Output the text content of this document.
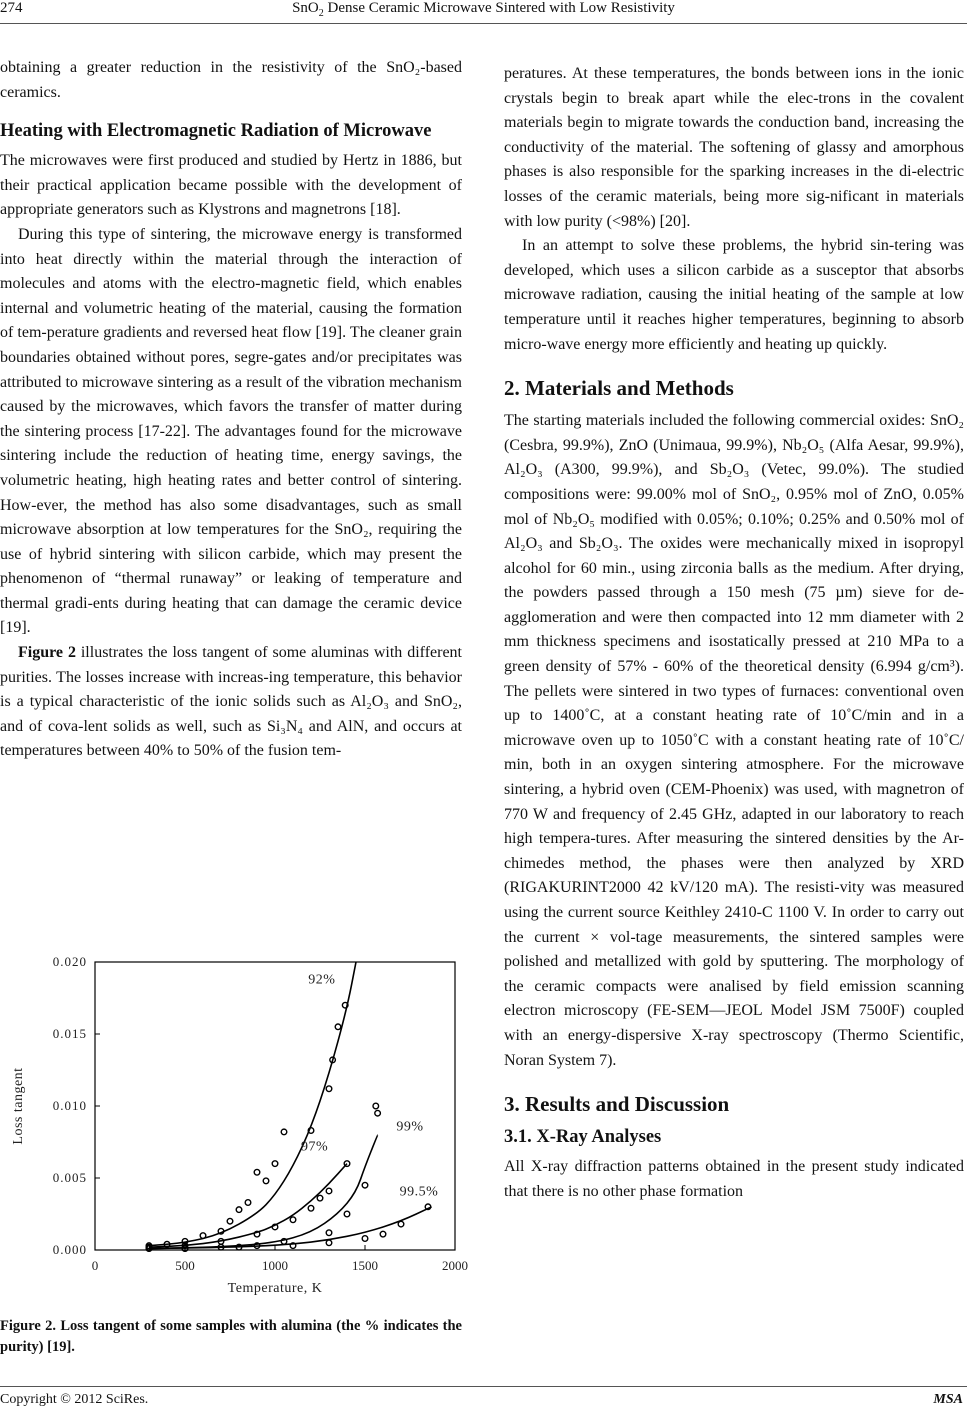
274	SnO$_2$ Dense Ceramic Microwave Sintered with Low Resistivity

obtaining a greater reduction in the resistivity of the SnO₂-based ceramics.

Heating with Electromagnetic Radiation of Microwave

The microwaves were first produced and studied by Hertz in 1886, but their practical application became possible with the development of appropriate generators such as Klystrons and magnetrons [18].

During this type of sintering, the microwave energy is transformed into heat directly within the material through the interaction of molecules and atoms with the electro-magnetic field, which enables internal and volumetric heating of the material, causing the formation of tem-perature gradients and reversed heat flow [19]. The cleaner grain boundaries obtained without pores, segre-gates and/or precipitates was attributed to microwave sintering as a result of the vibration mechanism caused by the microwaves, which favors the transfer of matter during the sintering process [17-22]. The advantages found for the microwave sintering include the reduction of heating time, energy savings, the volumetric heating, high heating rates and better control of sintering. How-ever, the method has also some disadvantages, such as small microwave absorption at low temperatures for the SnO₂, requiring the use of hybrid sintering with silicon carbide, which may present the phenomenon of “thermal runaway” or leaking of temperature and thermal gradi-ents during heating that can damage the ceramic device [19].

Figure 2 illustrates the loss tangent of some aluminas with different purities. The losses increase with increas-ing temperature, this behavior is a typical characteristic of the ionic solids such as Al₂O₃ and SnO₂, and of cova-lent solids as well, such as Si₃N₄ and AlN, and occurs at temperatures between 40% to 50% of the fusion tem-

0	500	1000	1500	2000
0.000
0.005
0.010
0.015
0.020
Temperature, K
Loss tangent
92%
97%
99%
99.5%
Figure 2. Loss tangent of some samples with alumina (the % indicates the purity) [19].

peratures. At these temperatures, the bonds between ions in the ionic crystals begin to break apart while the elec-trons in the covalent materials begin to migrate towards the conduction band, increasing the conductivity of the material. The softening of glassy and amorphous phases is also responsible for the sparking increases in the di-electric losses of the ceramic materials, being more sig-nificant in materials with low purity (<98%) [20].

In an attempt to solve these problems, the hybrid sin-tering was developed, which uses a silicon carbide as a susceptor that absorbs microwave radiation, causing the initial heating of the sample at low temperature until it reaches higher temperatures, beginning to absorb micro-wave energy more efficiently and heating up quickly.

2. Materials and Methods

The starting materials included the following commercial oxides: SnO₂ (Cesbra, 99.9%), ZnO (Unimaua, 99.9%), Nb₂O₅ (Alfa Aesar, 99.9%), Al₂O₃ (A300, 99.9%), and Sb₂O₃ (Vetec, 99.0%). The studied compositions were: 99.00% mol of SnO₂, 0.95% mol of ZnO, 0.05% mol of Nb₂O₅ modified with 0.05%; 0.10%; 0.25% and 0.50% mol of Al₂O₃ and Sb₂O₃. The oxides were mechanically mixed in isopropyl alcohol for 60 min., using zirconia balls as the medium. After drying, the powders passed through a 150 mesh (75 µm) sieve for de-agglomeration and were then compacted into 12 mm diameter with 2 mm thickness specimens and isostatically pressed at 210 MPa to a green density of 57% - 60% of the theoretical density (6.994 g/cm³). The pellets were sintered in two types of furnaces: conventional oven up to 1400˚C, at a constant heating rate of 10˚C/min and in a microwave oven up to 1050˚C with a constant heating rate of 10˚C/ min, both in an oxygen sintering atmosphere. For the microwave sintering, a hybrid oven (CEM-Phoenix) was used, with magnetron of 770 W and frequency of 2.45 GHz, adapted in our laboratory to reach high tempera-tures. After measuring the sintered densities by the Ar-chimedes method, the phases were then analyzed by XRD (RIGAKURINT2000 42 kV/120 mA). The resisti-vity was measured using the current source Keithley 2410-C 1100 V. In order to carry out the current × vol-tage measurements, the sintered samples were polished and metallized with gold by sputtering. The morphology of the ceramic compacts were analised by field emission scanning electron microscopy (FE-SEM—JEOL Model JSM 7500F) coupled with an energy-dispersive X-ray spectroscopy (Thermo Scientific, Noran System 7).

3. Results and Discussion
3.1. X-Ray Analyses

All X-ray diffraction patterns obtained in the present study indicated that there is no other phase formation

Copyright © 2012 SciRes.	MSA
